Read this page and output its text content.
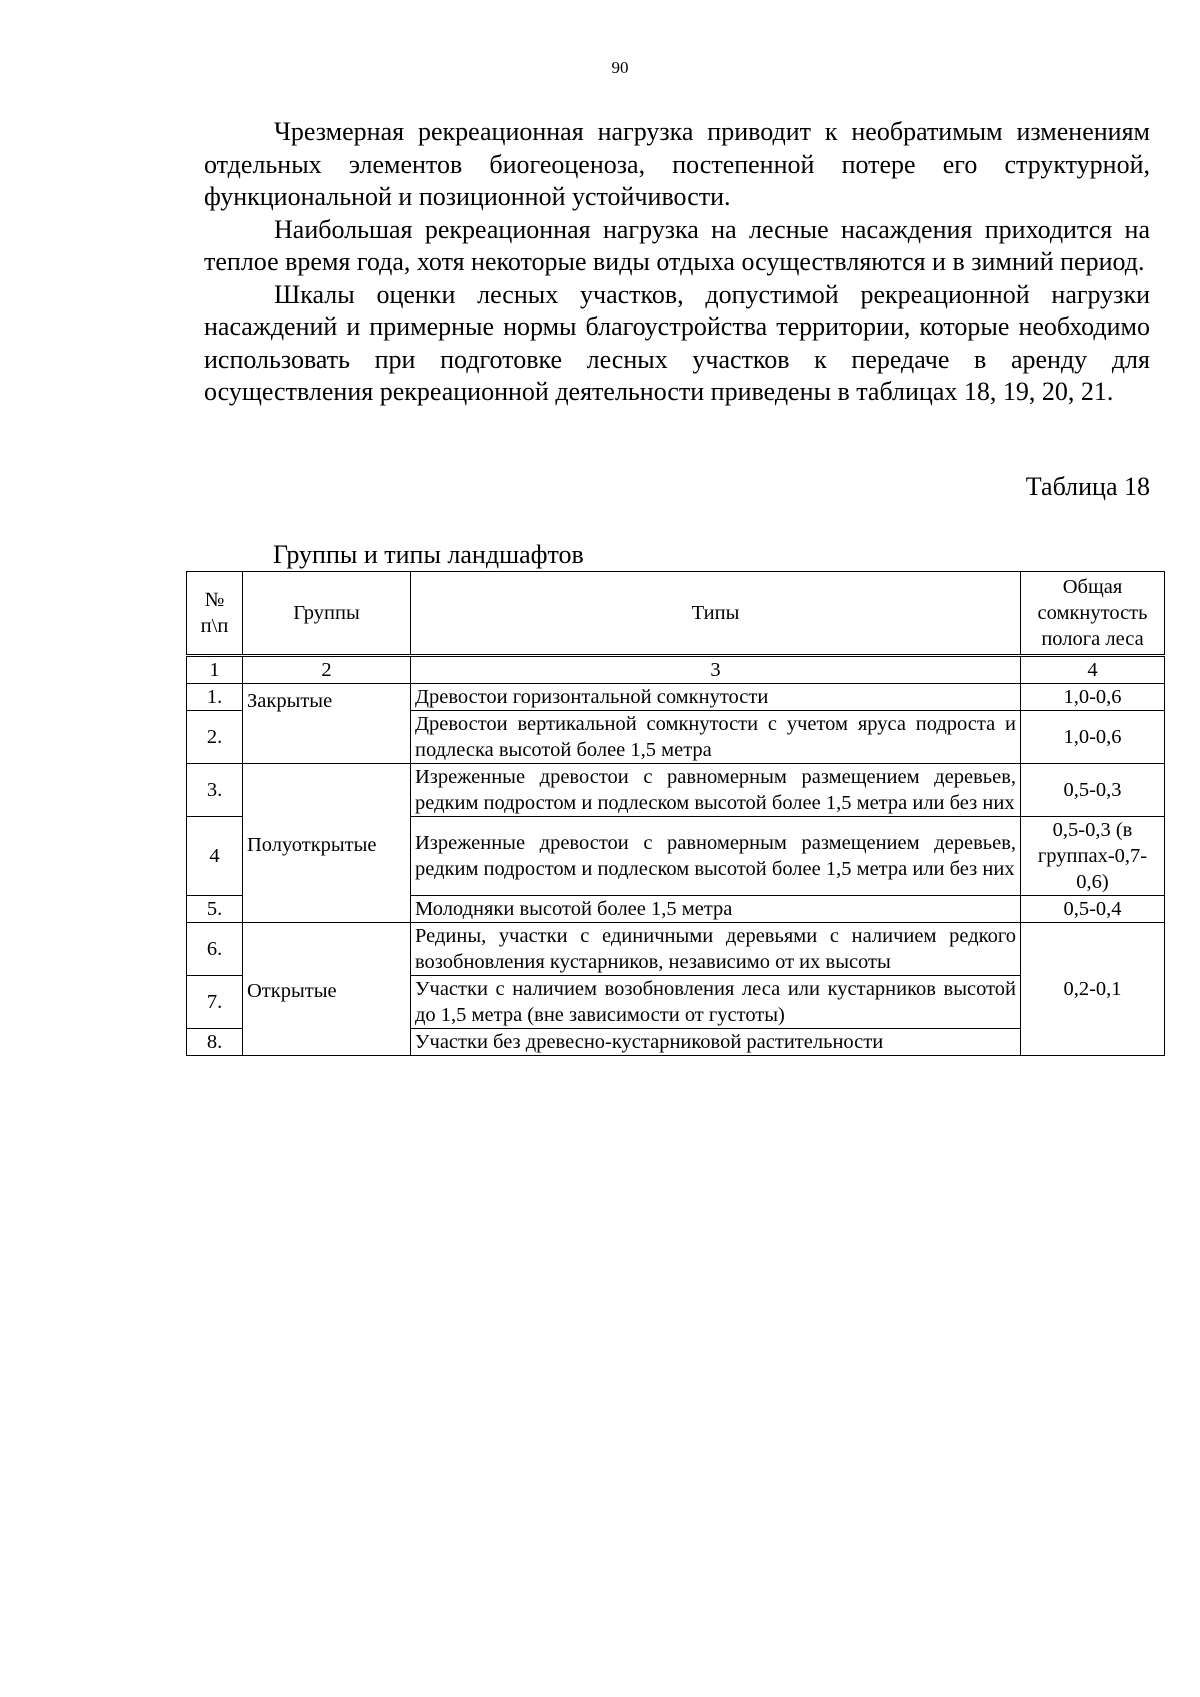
90

Чрезмерная рекреационная нагрузка приводит к необратимым изменениям отдельных элементов биогеоценоза, постепенной потере его структурной, функциональной и позиционной устойчивости.

Наибольшая рекреационная нагрузка на лесные насаждения приходится на теплое время года, хотя некоторые виды отдыха осуществляются и в зимний период.

Шкалы оценки лесных участков, допустимой рекреационной нагрузки насаждений и примерные нормы благоустройства территории, которые необходимо использовать при подготовке лесных участков к передаче в аренду для осуществления рекреационной деятельности приведены в таблицах 18, 19, 20, 21.

Таблица 18
Группы и типы ландшафтов
№ п\п	Группы	Типы	Общая сомкнутость полога леса
1	2	3	4
1.	Закрытые	Древостои горизонтальной сомкнутости	1,0-0,6
2.		Древостои вертикальной сомкнутости с учетом яруса подроста и подлеска высотой более 1,5 метра	1,0-0,6
3.	Полуоткрытые	Изреженные древостои с равномерным размещением деревьев, редким подростом и подлеском высотой более 1,5 метра или без них	0,5-0,3
4		Изреженные древостои с равномерным размещением деревьев, редким подростом и подлеском высотой более 1,5 метра или без них	0,5-0,3 (в группах-0,7-0,6)
5.		Молодняки высотой более 1,5 метра	0,5-0,4
6.	Открытые	Редины, участки с единичными деревьями с наличием редкого возобновления кустарников, независимо от их высоты	0,2-0,1
7.		Участки с наличием возобновления леса или кустарников высотой до 1,5 метра (вне зависимости от густоты)	
8.		Участки без древесно-кустарниковой растительности	
